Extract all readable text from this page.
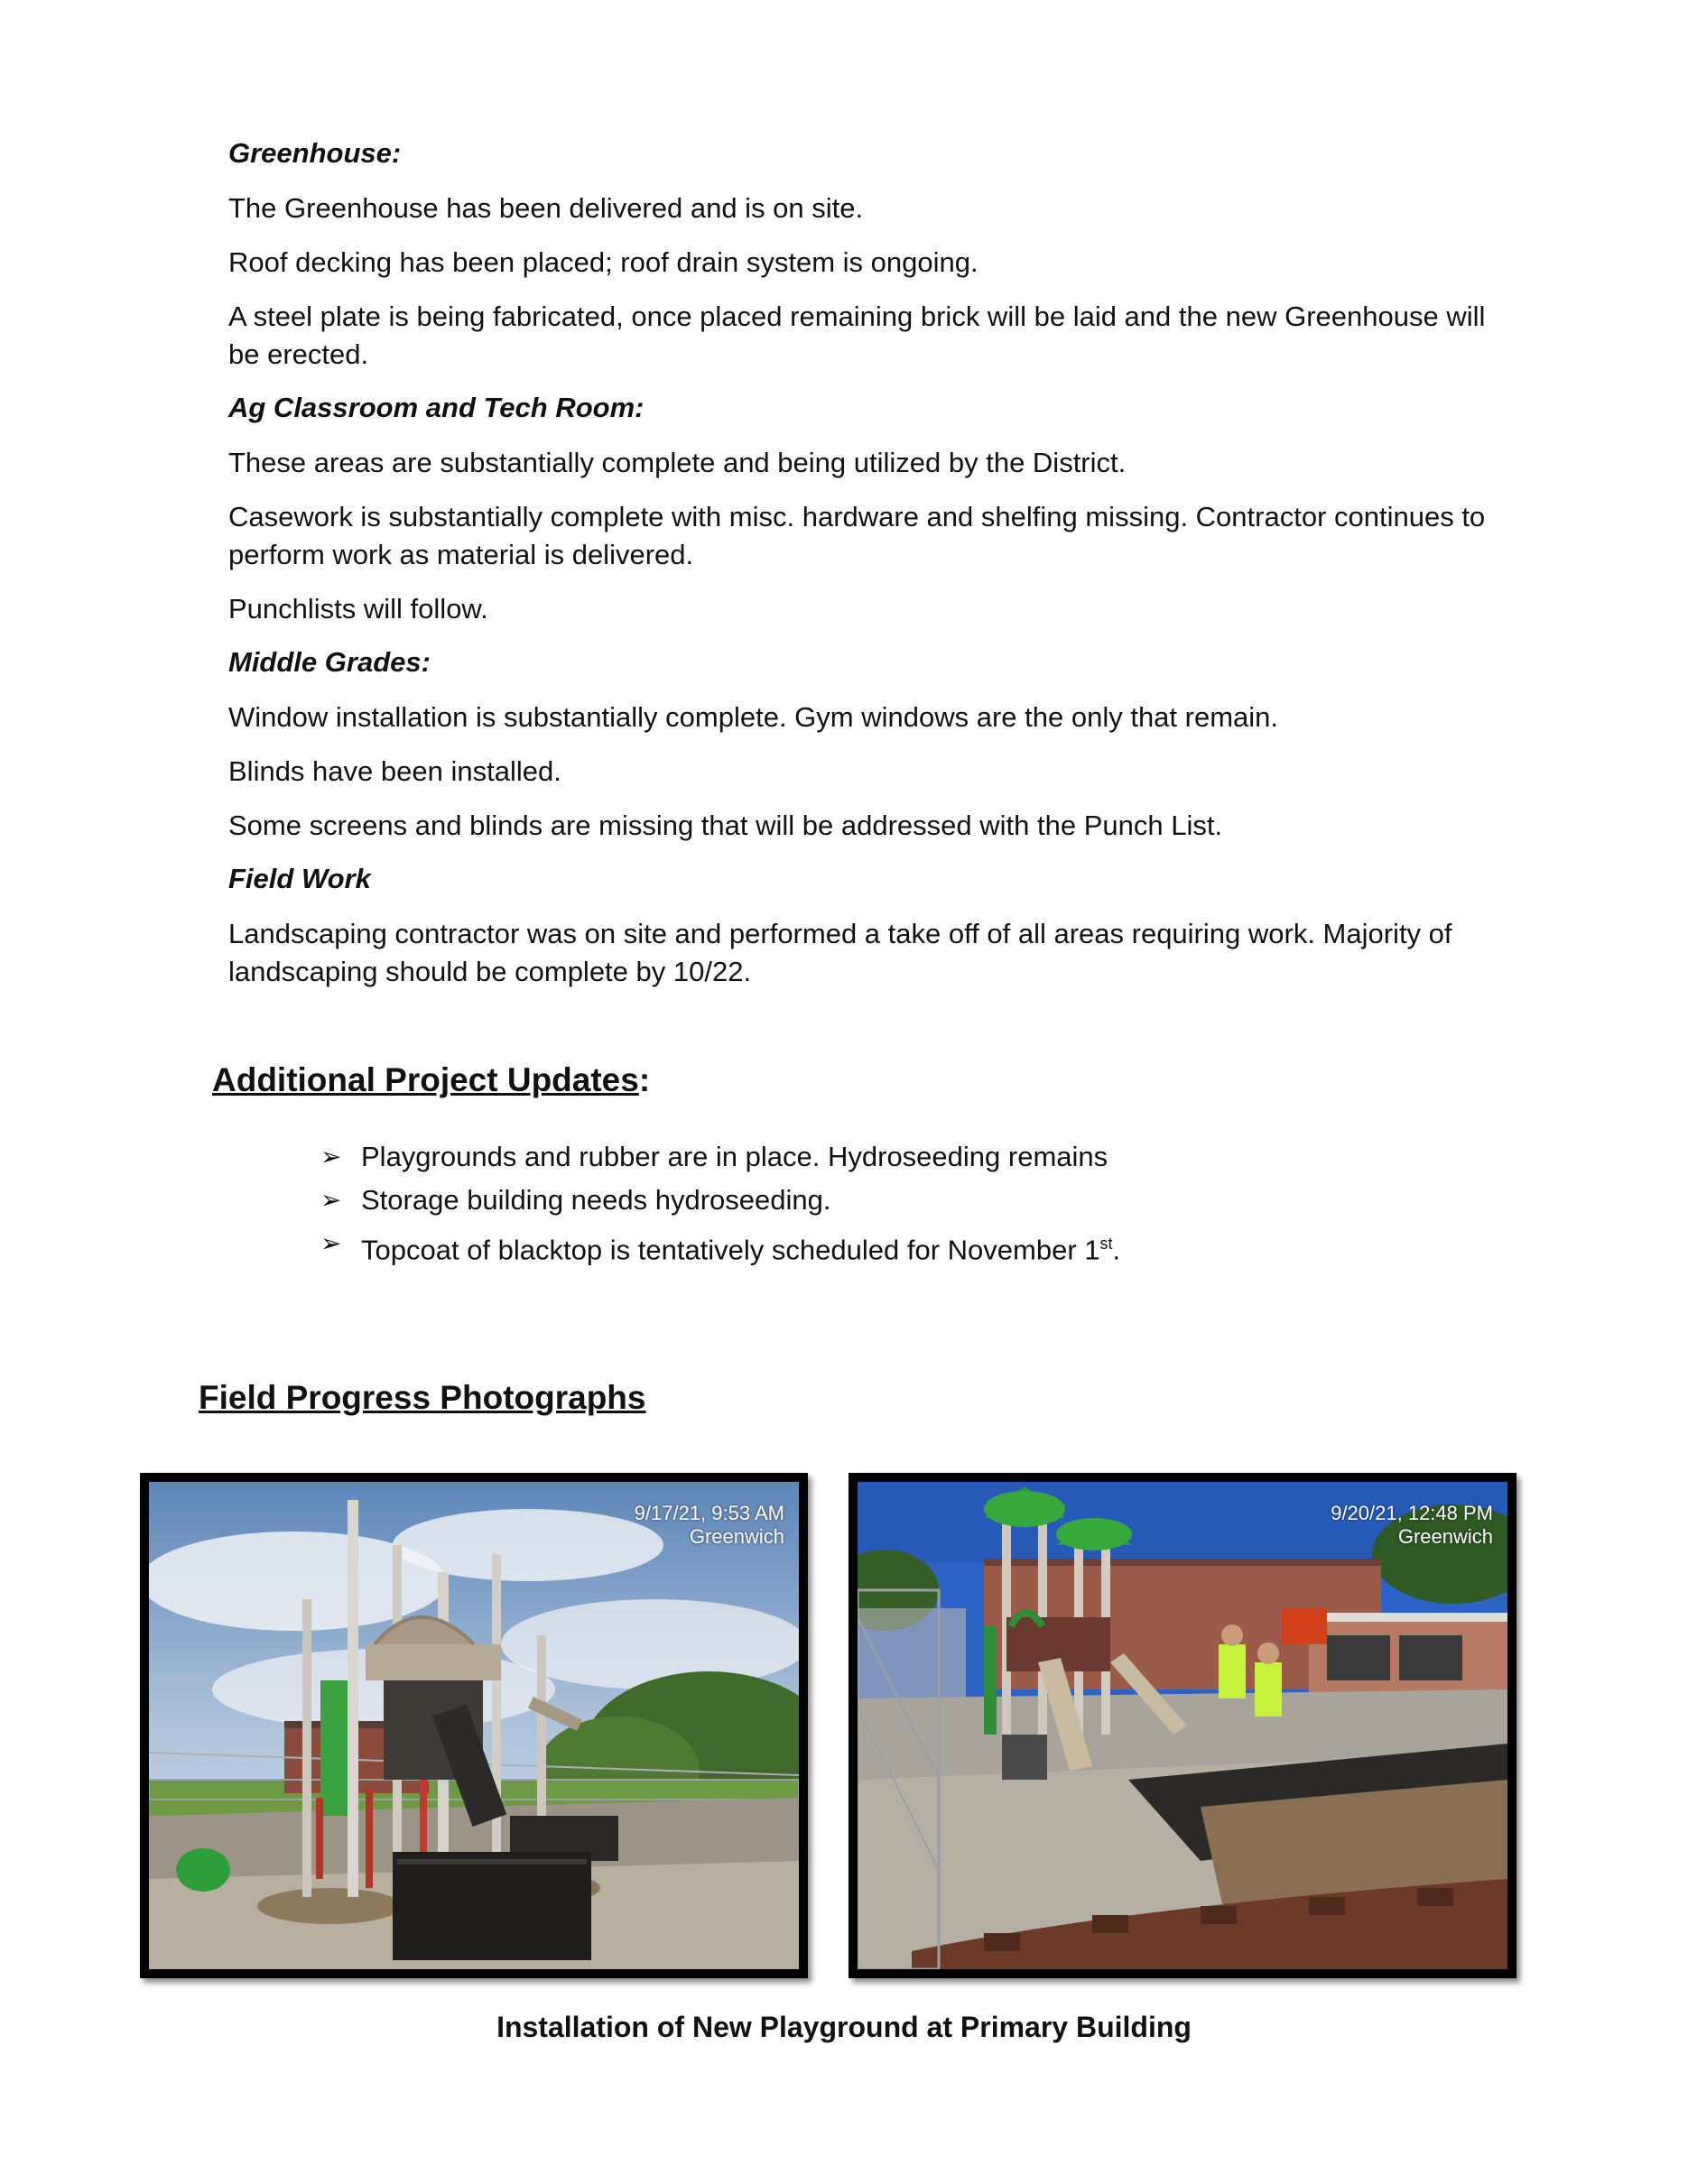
Greenhouse:

The Greenhouse has been delivered and is on site.

Roof decking has been placed; roof drain system is ongoing.

A steel plate is being fabricated, once placed remaining brick will be laid and the new Greenhouse will be erected.

Ag Classroom and Tech Room:

These areas are substantially complete and being utilized by the District.

Casework is substantially complete with misc. hardware and shelfing missing. Contractor continues to perform work as material is delivered.

Punchlists will follow.

Middle Grades:

Window installation is substantially complete. Gym windows are the only that remain.

Blinds have been installed.

Some screens and blinds are missing that will be addressed with the Punch List.

Field Work

Landscaping contractor was on site and performed a take off of all areas requiring work. Majority of landscaping should be complete by 10/22.

Additional Project Updates:
➢ Playgrounds and rubber are in place. Hydroseeding remains
➢ Storage building needs hydroseeding.
➢ Topcoat of blacktop is tentatively scheduled for November 1st.
Field Progress Photographs
9/17/21, 9:53 AM
Greenwich
9/20/21, 12:48 PM
Greenwich
Installation of New Playground at Primary Building
